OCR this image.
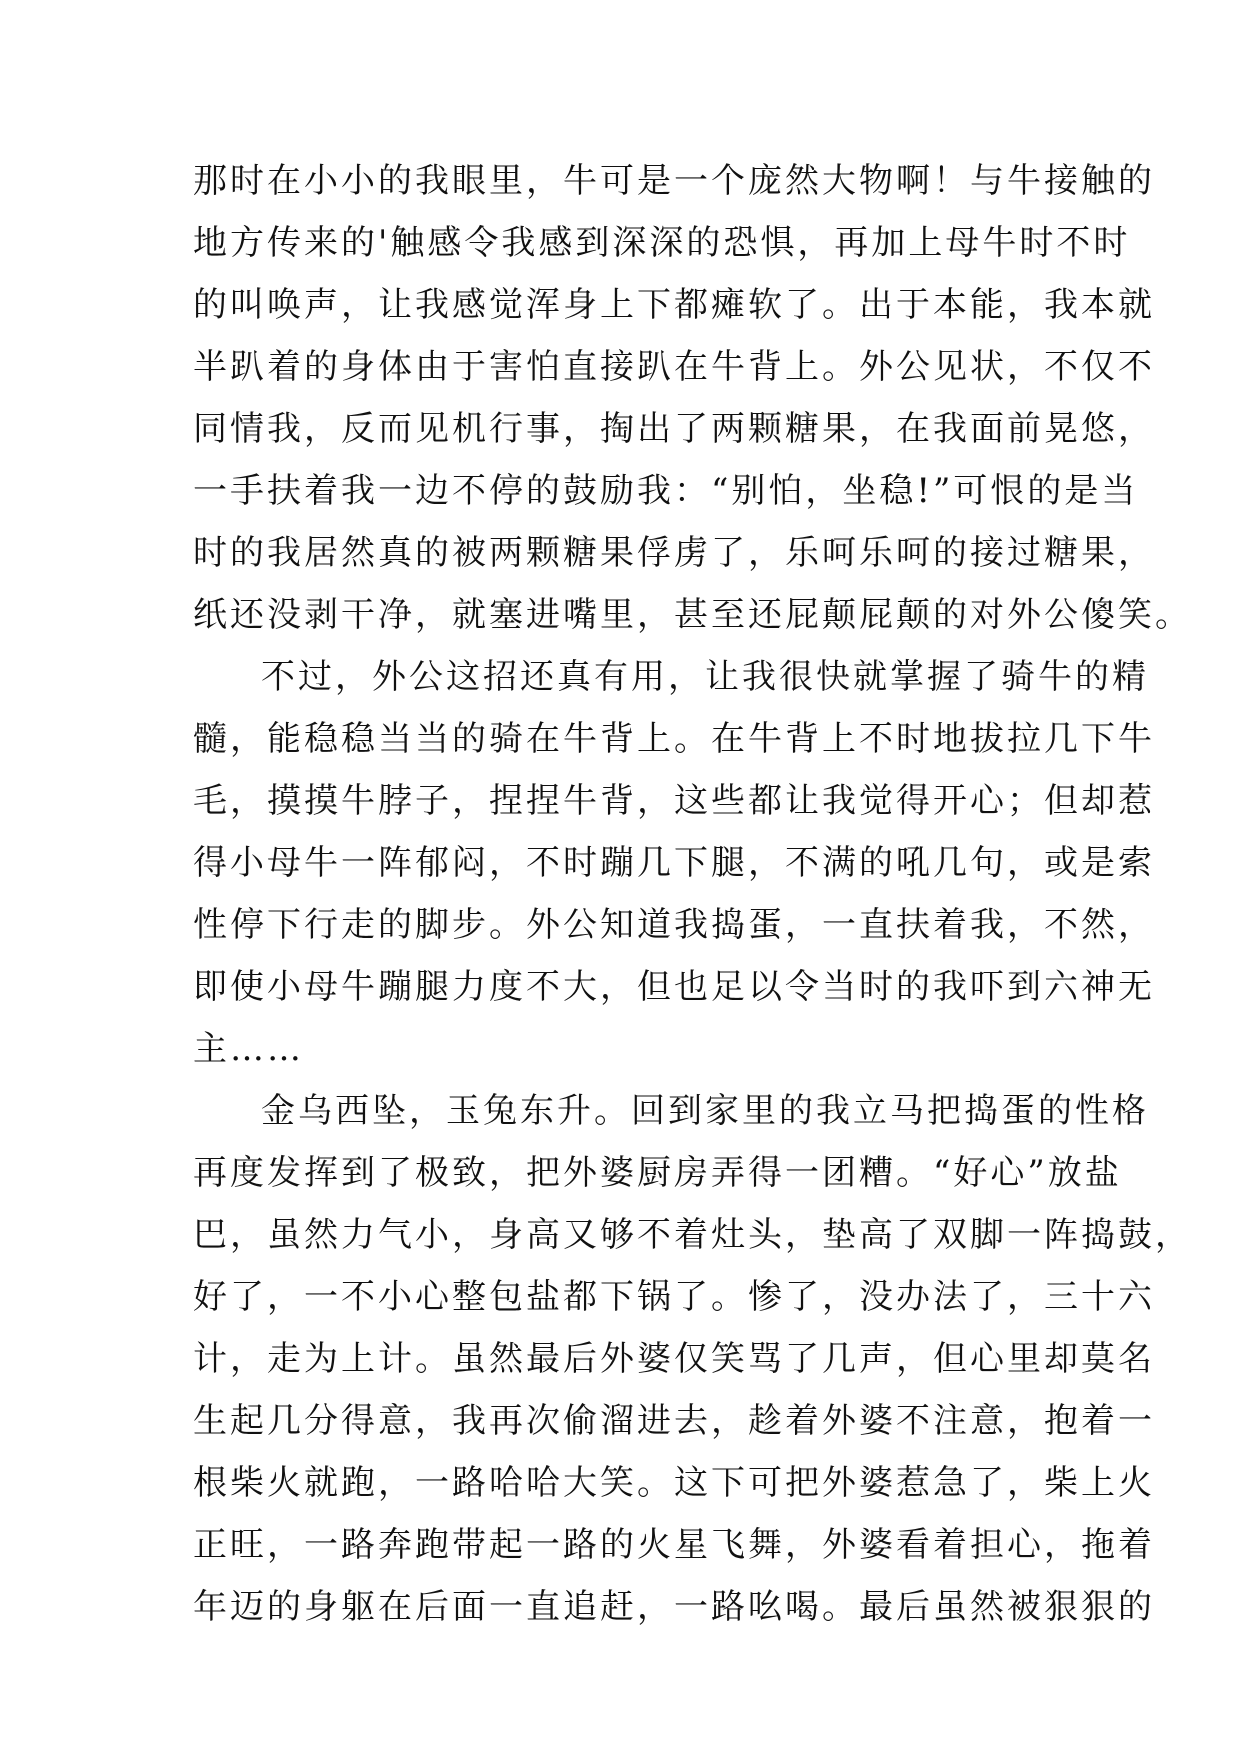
那时在小小的我眼里，牛可是一个庞然大物啊！与牛接触的
地方传来的'触感令我感到深深的恐惧，再加上母牛时不时
的叫唤声，让我感觉浑身上下都瘫软了。出于本能，我本就
半趴着的身体由于害怕直接趴在牛背上。外公见状，不仅不
同情我，反而见机行事，掏出了两颗糖果，在我面前晃悠，
一手扶着我一边不停的鼓励我：“别怕，坐稳!”可恨的是当
时的我居然真的被两颗糖果俘虏了，乐呵乐呵的接过糖果，
纸还没剥干净，就塞进嘴里，甚至还屁颠屁颠的对外公傻笑。
不过，外公这招还真有用，让我很快就掌握了骑牛的精
髓，能稳稳当当的骑在牛背上。在牛背上不时地拔拉几下牛
毛，摸摸牛脖子，捏捏牛背，这些都让我觉得开心；但却惹
得小母牛一阵郁闷，不时蹦几下腿，不满的吼几句，或是索
性停下行走的脚步。外公知道我捣蛋，一直扶着我，不然，
即使小母牛蹦腿力度不大，但也足以令当时的我吓到六神无
主……
金乌西坠，玉兔东升。回到家里的我立马把捣蛋的性格
再度发挥到了极致，把外婆厨房弄得一团糟。“好心”放盐
巴，虽然力气小，身高又够不着灶头，垫高了双脚一阵捣鼓，
好了，一不小心整包盐都下锅了。惨了，没办法了，三十六
计，走为上计。虽然最后外婆仅笑骂了几声，但心里却莫名
生起几分得意，我再次偷溜进去，趁着外婆不注意，抱着一
根柴火就跑，一路哈哈大笑。这下可把外婆惹急了，柴上火
正旺，一路奔跑带起一路的火星飞舞，外婆看着担心，拖着
年迈的身躯在后面一直追赶，一路吆喝。最后虽然被狠狠的
